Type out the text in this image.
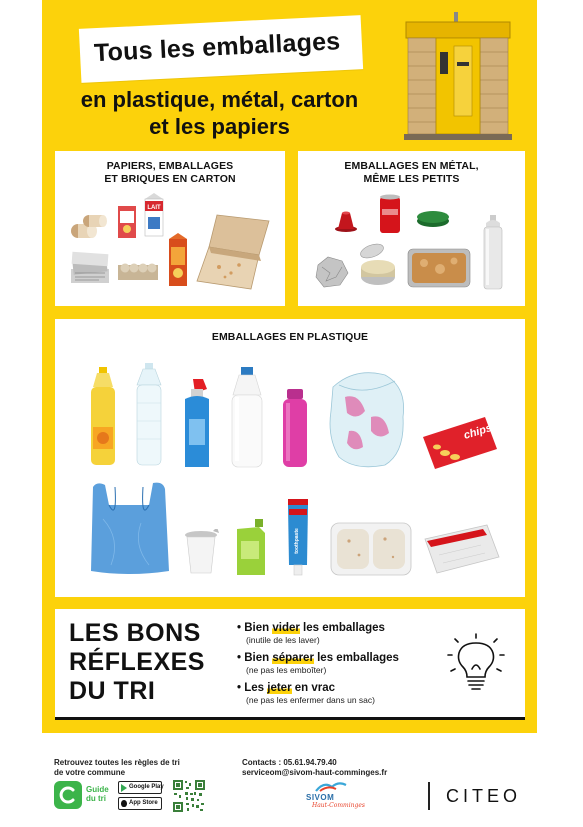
Tous les emballages
en plastique, métal, carton
et les papiers
PAPIERS, EMBALLAGES
ET BRIQUES EN CARTON
LAIT
EMBALLAGES EN MÉTAL,
MÊME LES PETITS
EMBALLAGES EN PLASTIQUE
chips
toothpaste
LES BONS
RÉFLEXES
DU TRI
• Bien vider les emballages
(inutile de les laver)
• Bien séparer les emballages
(ne pas les emboîter)
• Les jeter en vrac
(ne pas les enfermer dans un sac)
Retrouvez toutes les règles de tri
de votre commune
Guide
du tri
Google Play
App Store
Contacts : 05.61.94.79.40
serviceom@sivom-haut-comminges.fr
SIVOM
Haut-Comminges	CITEO
